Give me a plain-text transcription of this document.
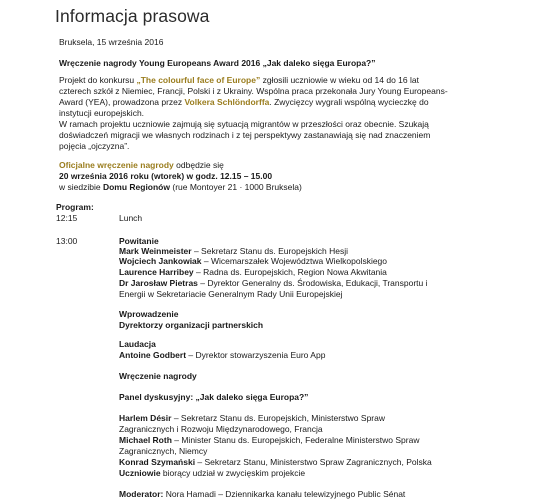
Informacja prasowa
Bruksela, 15 września 2016
Wręczenie nagrody Young Europeans Award 2016 „Jak daleko sięga Europa?”
Projekt do konkursu „The colourful face of Europe” zgłosili uczniowie w wieku od 14 do 16 lat
czterech szkół z Niemiec, Francji, Polski i z Ukrainy. Wspólna praca przekonała Jury Young Europeans-
Award (YEA), prowadzona przez Volkera Schlöndorffa. Zwycięzcy wygrali wspólną wycieczkę do
instytucji europejskich.
W ramach projektu uczniowie zajmują się sytuacją migrantów w przeszłości oraz obecnie. Szukają
doświadczeń migracji we własnych rodzinach i z tej perspektywy zastanawiają się nad znaczeniem
pojęcia „ojczyzna”.
Oficjalne wręczenie nagrody odbędzie się
20 września 2016 roku (wtorek) w godz. 12.15 – 15.00
w siedzibie Domu Regionów (rue Montoyer 21 · 1000 Bruksela)
Program:
12:15	Lunch
13:00	Powitanie
Mark Weinmeister – Sekretarz Stanu ds. Europejskich Hesji
Wojciech Jankowiak – Wicemarszałek Województwa Wielkopolskiego
Laurence Harribey – Radna ds. Europejskich, Region Nowa Akwitania
Dr Jarosław Pietras – Dyrektor Generalny ds. Środowiska, Edukacji, Transportu i
Energii w Sekretariacie Generalnym Rady Unii Europejskiej
Wprowadzenie
Dyrektorzy organizacji partnerskich
Laudacja
Antoine Godbert – Dyrektor stowarzyszenia Euro App
Wręczenie nagrody
Panel dyskusyjny: „Jak daleko sięga Europa?”
Harlem Désir – Sekretarz Stanu ds. Europejskich, Ministerstwo Spraw
Zagranicznych i Rozwoju Międzynarodowego, Francja
Michael Roth – Minister Stanu ds. Europejskich, Federalne Ministerstwo Spraw
Zagranicznych, Niemcy
Konrad Szymański – Sekretarz Stanu, Ministerstwo Spraw Zagranicznych, Polska
Uczniowie biorący udział w zwycięskim projekcie
Moderator: Nora Hamadi – Dziennikarka kanału telewizyjnego Public Sénat
